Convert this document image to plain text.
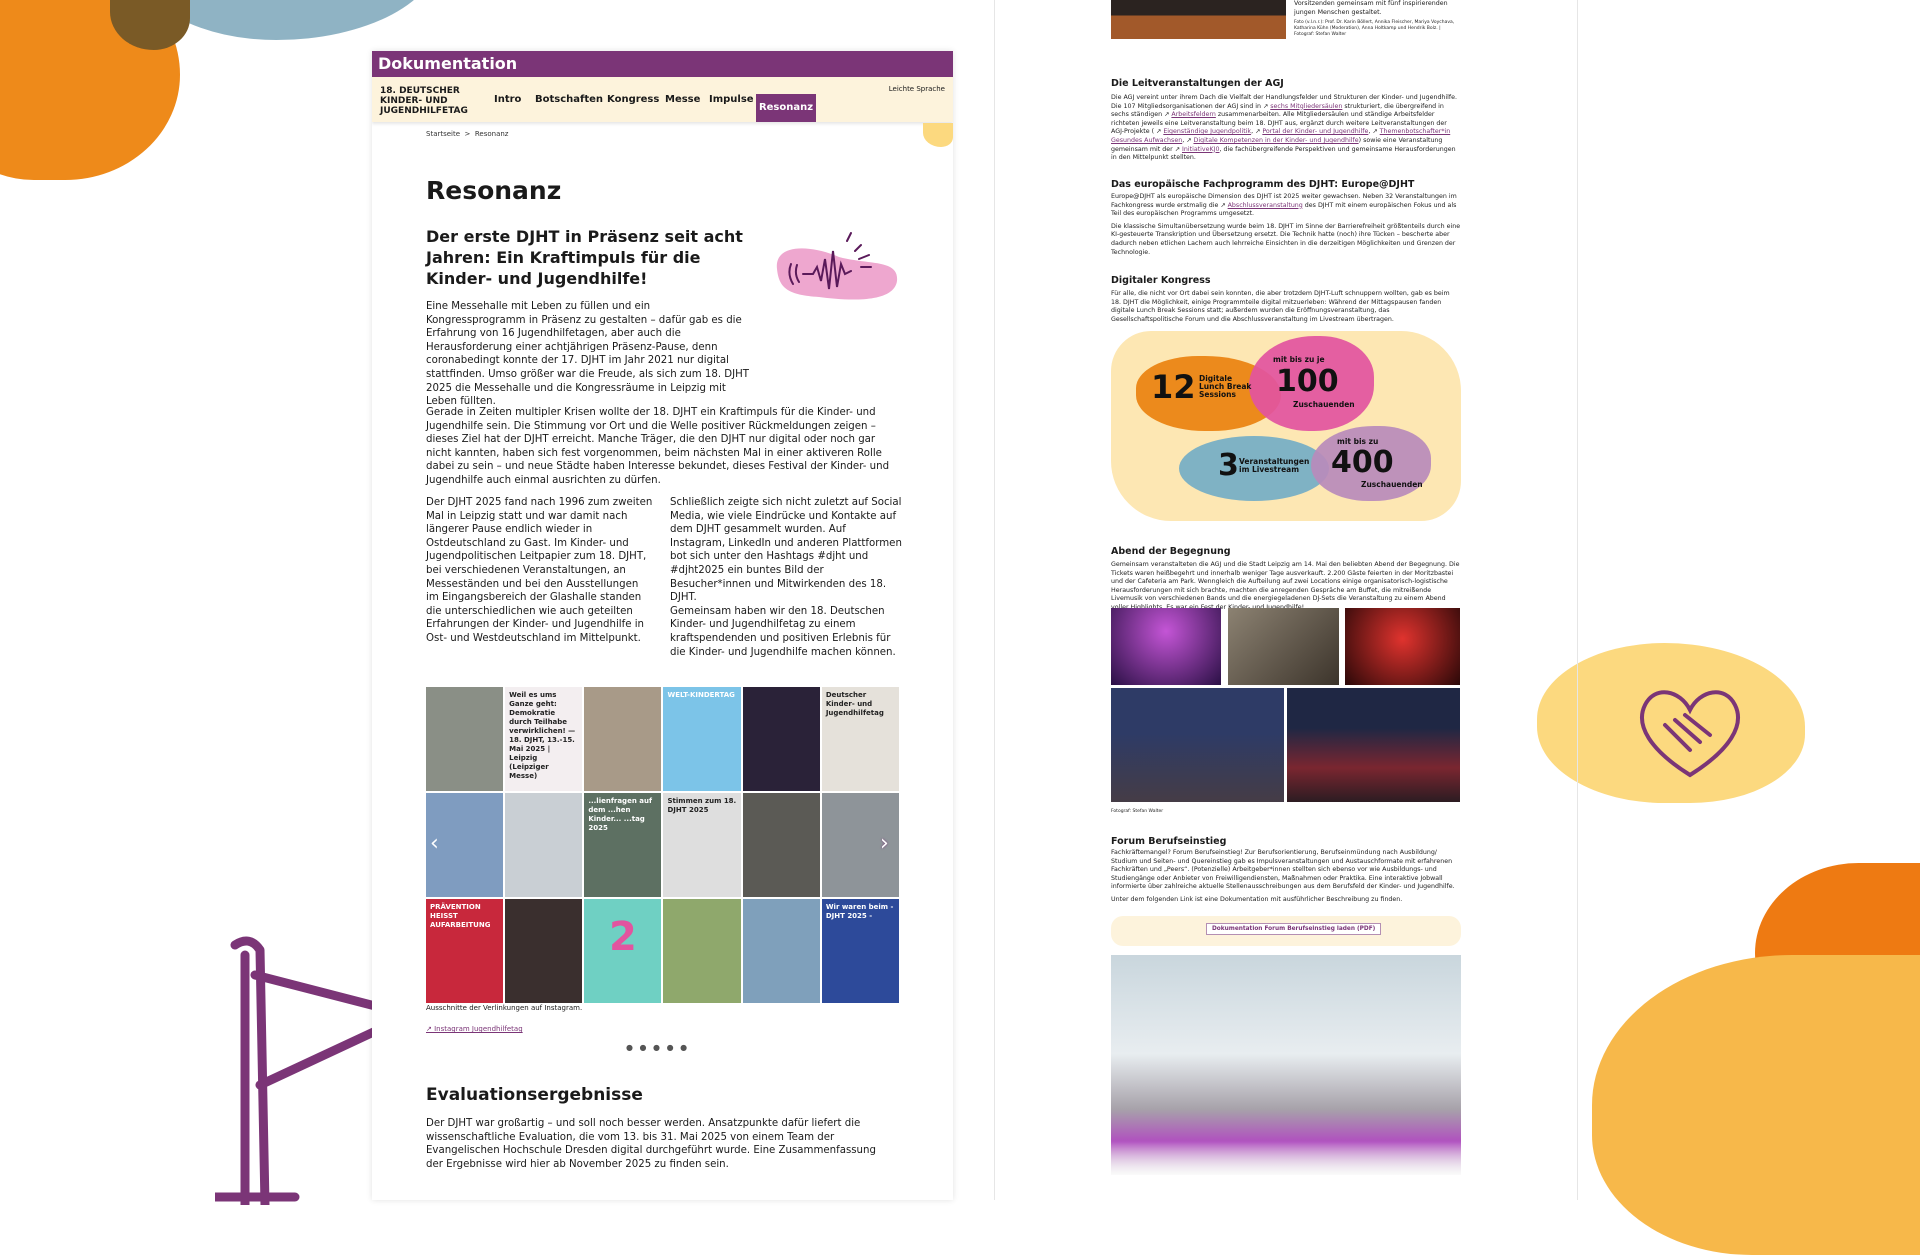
Dokumentation
18. DEUTSCHER
KINDER- UND
JUGENDHILFETAG
Intro Botschaften Kongress Messe Impulse
Resonanz
Leichte Sprache
Startseite > Resonanz
Resonanz
Der erste DJHT in Präsenz seit acht Jahren: Ein Kraftimpuls für die Kinder- und Jugendhilfe!
Eine Messehalle mit Leben zu füllen und ein Kongressprogramm in Präsenz zu gestalten – dafür gab es die Erfahrung von 16 Jugendhilfetagen, aber auch die Herausforderung einer achtjährigen Präsenz-Pause, denn coronabedingt konnte der 17. DJHT im Jahr 2021 nur digital stattfinden. Umso größer war die Freude, als sich zum 18. DJHT 2025 die Messehalle und die Kongressräume in Leipzig mit Leben füllten.
Gerade in Zeiten multipler Krisen wollte der 18. DJHT ein Kraftimpuls für die Kinder- und Jugendhilfe sein. Die Stimmung vor Ort und die Welle positiver Rückmeldungen zeigen – dieses Ziel hat der DJHT erreicht. Manche Träger, die den DJHT nur digital oder noch gar nicht kannten, haben sich fest vorgenommen, beim nächsten Mal in einer aktiveren Rolle dabei zu sein – und neue Städte haben Interesse bekundet, dieses Festival der Kinder- und Jugendhilfe auch einmal ausrichten zu dürfen.
Der DJHT 2025 fand nach 1996 zum zweiten Mal in Leipzig statt und war damit nach längerer Pause endlich wieder in Ostdeutschland zu Gast. Im Kinder- und Jugendpolitischen Leitpapier zum 18. DJHT, bei verschiedenen Veranstaltungen, an Messeständen und bei den Ausstellungen im Eingangsbereich der Glashalle standen die unterschiedlichen wie auch geteilten Erfahrungen der Kinder- und Jugendhilfe in Ost- und Westdeutschland im Mittelpunkt.
Schließlich zeigte sich nicht zuletzt auf Social Media, wie viele Eindrücke und Kontakte auf dem DJHT gesammelt wurden. Auf Instagram, LinkedIn und anderen Plattformen bot sich unter den Hashtags #djht und #djht2025 ein buntes Bild der Besucher*innen und Mitwirkenden des 18. DJHT.
Gemeinsam haben wir den 18. Deutschen Kinder- und Jugendhilfetag zu einem kraftspendenden und positiven Erlebnis für die Kinder- und Jugendhilfe machen können.
Weil es ums Ganze geht: Demokratie durch Teilhabe verwirklichen! — 18. DJHT, 13.-15. Mai 2025 | Leipzig (Leipziger Messe)
WELT-KINDERTAG	Deutscher Kinder- und Jugendhilfetag
...lienfragen auf dem ...hen Kinder... ...tag 2025
Stimmen zum 18. DJHT 2025
PRÄVENTION HEISST AUFARBEITUNG	2
Wir waren beim - DJHT 2025 -
‹	›
Ausschnitte der Verlinkungen auf Instagram.
↗ Instagram Jugendhilfetag
● ● ● ● ●
Evaluationsergebnisse
Der DJHT war großartig – und soll noch besser werden. Ansatzpunkte dafür liefert die wissenschaftliche Evaluation, die vom 13. bis 31. Mai 2025 von einem Team der Evangelischen Hochschule Dresden digital durchgeführt wurde. Eine Zusammenfassung der Ergebnisse wird hier ab November 2025 zu finden sein.
Vorsitzenden gemeinsam mit fünf inspirierenden jungen Menschen gestaltet.
Foto (v.l.n.r.): Prof. Dr. Karin Böllert, Annika Fleischer, Mariya Voychava, Katharina Kühn (Moderation), Anna Holtkamp und Hendrik Bolz. | Fotograf: Stefan Walter
Die Leitveranstaltungen der AGJ

Die AGJ vereint unter ihrem Dach die Vielfalt der Handlungsfelder und Strukturen der Kinder- und Jugendhilfe. Die 107 Mitgliedsorganisationen der AGJ sind in ↗ sechs Mitgliedersäulen strukturiert, die übergreifend in sechs ständigen ↗ Arbeitsfeldern zusammenarbeiten. Alle Mitgliedersäulen und ständige Arbeitsfelder richteten jeweils eine Leitveranstaltung beim 18. DJHT aus, ergänzt durch weitere Leitveranstaltungen der AGJ-Projekte ( ↗ Eigenständige Jugendpolitik, ↗ Portal der Kinder- und Jugendhilfe, ↗ Themenbotschafter*in Gesundes Aufwachsen, ↗ Digitale Kompetenzen in der Kinder- und Jugendhilfe) sowie eine Veranstaltung gemeinsam mit der ↗ InitiativeKJ0, die fachübergreifende Perspektiven und gemeinsame Herausforderungen in den Mittelpunkt stellten.

Das europäische Fachprogramm des DJHT: Europe@DJHT

Europe@DJHT als europäische Dimension des DJHT ist 2025 weiter gewachsen. Neben 32 Veranstaltungen im Fachkongress wurde erstmalig die ↗ Abschlussveranstaltung des DJHT mit einem europäischen Fokus und als Teil des europäischen Programms umgesetzt.

Die klassische Simultanübersetzung wurde beim 18. DJHT im Sinne der Barrierefreiheit größtenteils durch eine KI-gesteuerte Transkription und Übersetzung ersetzt. Die Technik hatte (noch) ihre Tücken – bescherte aber dadurch neben etlichen Lachern auch lehrreiche Einsichten in die derzeitigen Möglichkeiten und Grenzen der Technologie.

Digitaler Kongress

Für alle, die nicht vor Ort dabei sein konnten, die aber trotzdem DJHT-Luft schnuppern wollten, gab es beim 18. DJHT die Möglichkeit, einige Programmteile digital mitzuerleben: Während der Mittagspausen fanden digitale Lunch Break Sessions statt; außerdem wurden die Eröffnungsveranstaltung, das Gesellschaftspolitische Forum und die Abschlussveranstaltung im Livestream übertragen.

Abend der Begegnung

Gemeinsam veranstalteten die AGJ und die Stadt Leipzig am 14. Mai den beliebten Abend der Begegnung. Die Tickets waren heißbegehrt und innerhalb weniger Tage ausverkauft. 2.200 Gäste feierten in der Moritzbastei und der Cafeteria am Park. Wenngleich die Aufteilung auf zwei Locations einige organisatorisch-logistische Herausforderungen mit sich brachte, machten die anregenden Gespräche am Buffet, die mitreißende Livemusik von verschiedenen Bands und die energiegeladenen DJ-Sets die Veranstaltung zu einem Abend

Forum Berufseinstieg

Fachkräftemangel? Forum Berufseinstieg! Zur Berufsorientierung, Berufseinmündung nach Ausbildung/ Studium und Seiten- und Quereinstieg gab es Impulsveranstaltungen und Austauschformate mit erfahrenen Fachkräften und „Peers“. (Potenzielle) Arbeitgeber*innen stellten sich ebenso vor wie Ausbildungs- und Studiengänge oder Anbieter von Freiwilligendiensten, Maßnahmen oder Praktika. Eine interaktive Jobwall informierte über zahlreiche aktuelle Stellenausschreibungen aus dem Berufsfeld der Kinder- und Jugendhilfe.

Unter dem folgenden Link ist eine Dokumentation mit ausführlicher Beschreibung zu finden.

12 Digitale Lunch Break Sessions
mit bis zu je
100
Zuschauenden
3 Veranstaltungen im Livestream
mit bis zu
400
Zuschauenden
Fotograf: Stefan Walter
Dokumentation Forum Berufseinstieg laden (PDF)
